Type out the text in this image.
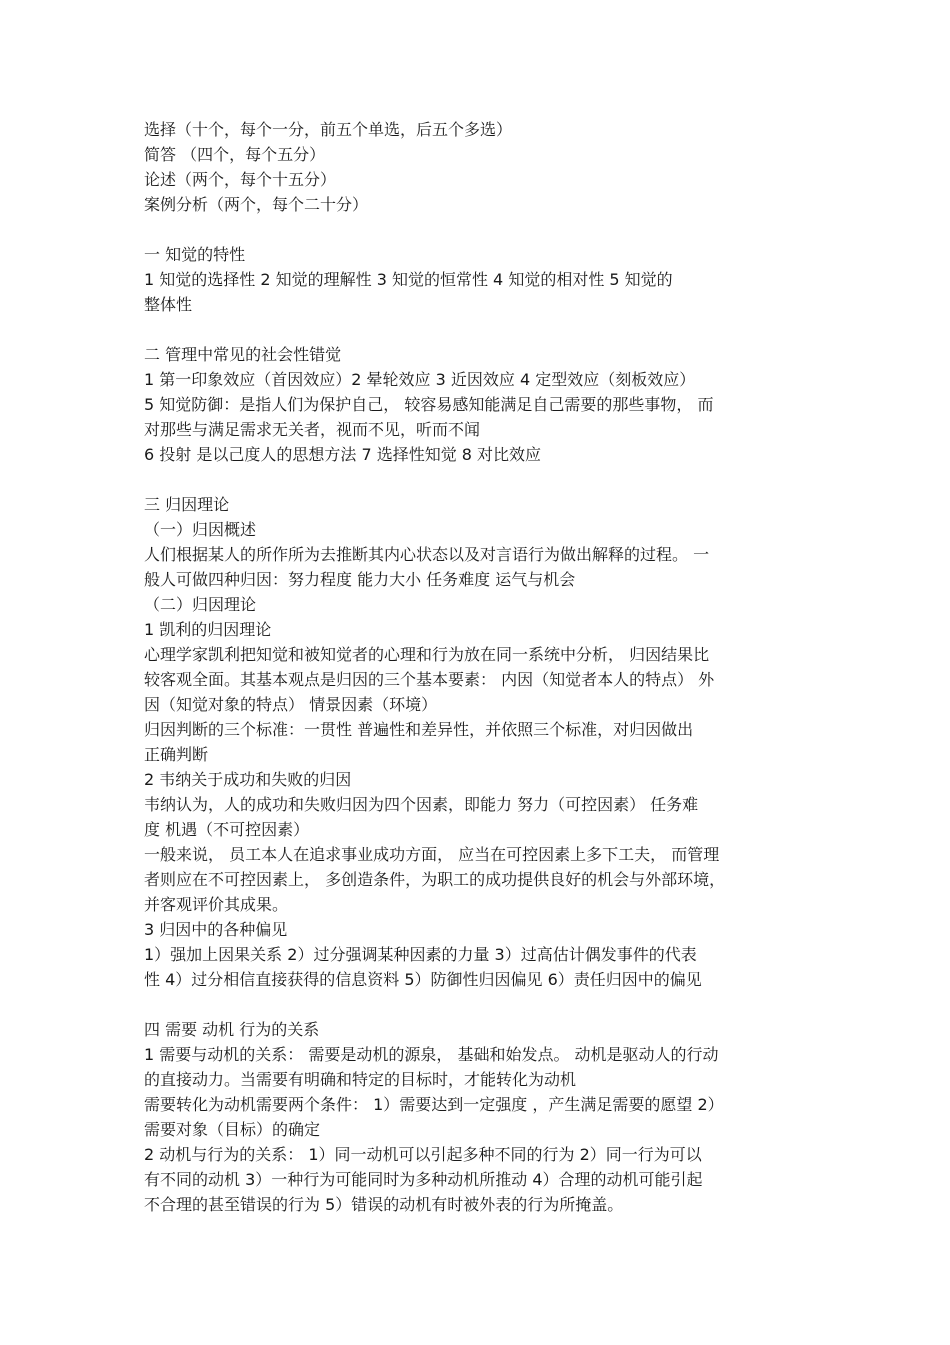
选择（十个，每个一分，前五个单选，后五个多选）
简答 （四个，每个五分）
论述（两个，每个十五分）
案例分析（两个，每个二十分）
一 知觉的特性
1 知觉的选择性 2 知觉的理解性 3 知觉的恒常性 4 知觉的相对性 5 知觉的
整体性
二 管理中常见的社会性错觉
1 第一印象效应（首因效应）2 晕轮效应 3 近因效应 4 定型效应（刻板效应）
5 知觉防御：是指人们为保护自己， 较容易感知能满足自己需要的那些事物， 而
对那些与满足需求无关者，视而不见，听而不闻
6 投射 是以己度人的思想方法 7 选择性知觉 8 对比效应
三 归因理论
（一）归因概述
人们根据某人的所作所为去推断其内心状态以及对言语行为做出解释的过程。 一
般人可做四种归因：努力程度 能力大小 任务难度 运气与机会
（二）归因理论
1 凯利的归因理论
心理学家凯利把知觉和被知觉者的心理和行为放在同一系统中分析， 归因结果比
较客观全面。其基本观点是归因的三个基本要素： 内因（知觉者本人的特点） 外
因（知觉对象的特点） 情景因素（环境）
归因判断的三个标准：一贯性 普遍性和差异性，并依照三个标准，对归因做出
正确判断
2 韦纳关于成功和失败的归因
韦纳认为，人的成功和失败归因为四个因素，即能力 努力（可控因素） 任务难
度 机遇（不可控因素）
一般来说， 员工本人在追求事业成功方面， 应当在可控因素上多下工夫， 而管理
者则应在不可控因素上， 多创造条件，为职工的成功提供良好的机会与外部环境，
并客观评价其成果。
3 归因中的各种偏见
1）强加上因果关系 2）过分强调某种因素的力量 3）过高估计偶发事件的代表
性 4）过分相信直接获得的信息资料 5）防御性归因偏见 6）责任归因中的偏见
四 需要 动机 行为的关系
1 需要与动机的关系： 需要是动机的源泉， 基础和始发点。 动机是驱动人的行动
的直接动力。当需要有明确和特定的目标时，才能转化为动机
需要转化为动机需要两个条件： 1）需要达到一定强度 ，产生满足需要的愿望 2）
需要对象（目标）的确定
2 动机与行为的关系： 1）同一动机可以引起多种不同的行为 2）同一行为可以
有不同的动机 3）一种行为可能同时为多种动机所推动 4）合理的动机可能引起
不合理的甚至错误的行为 5）错误的动机有时被外表的行为所掩盖。
